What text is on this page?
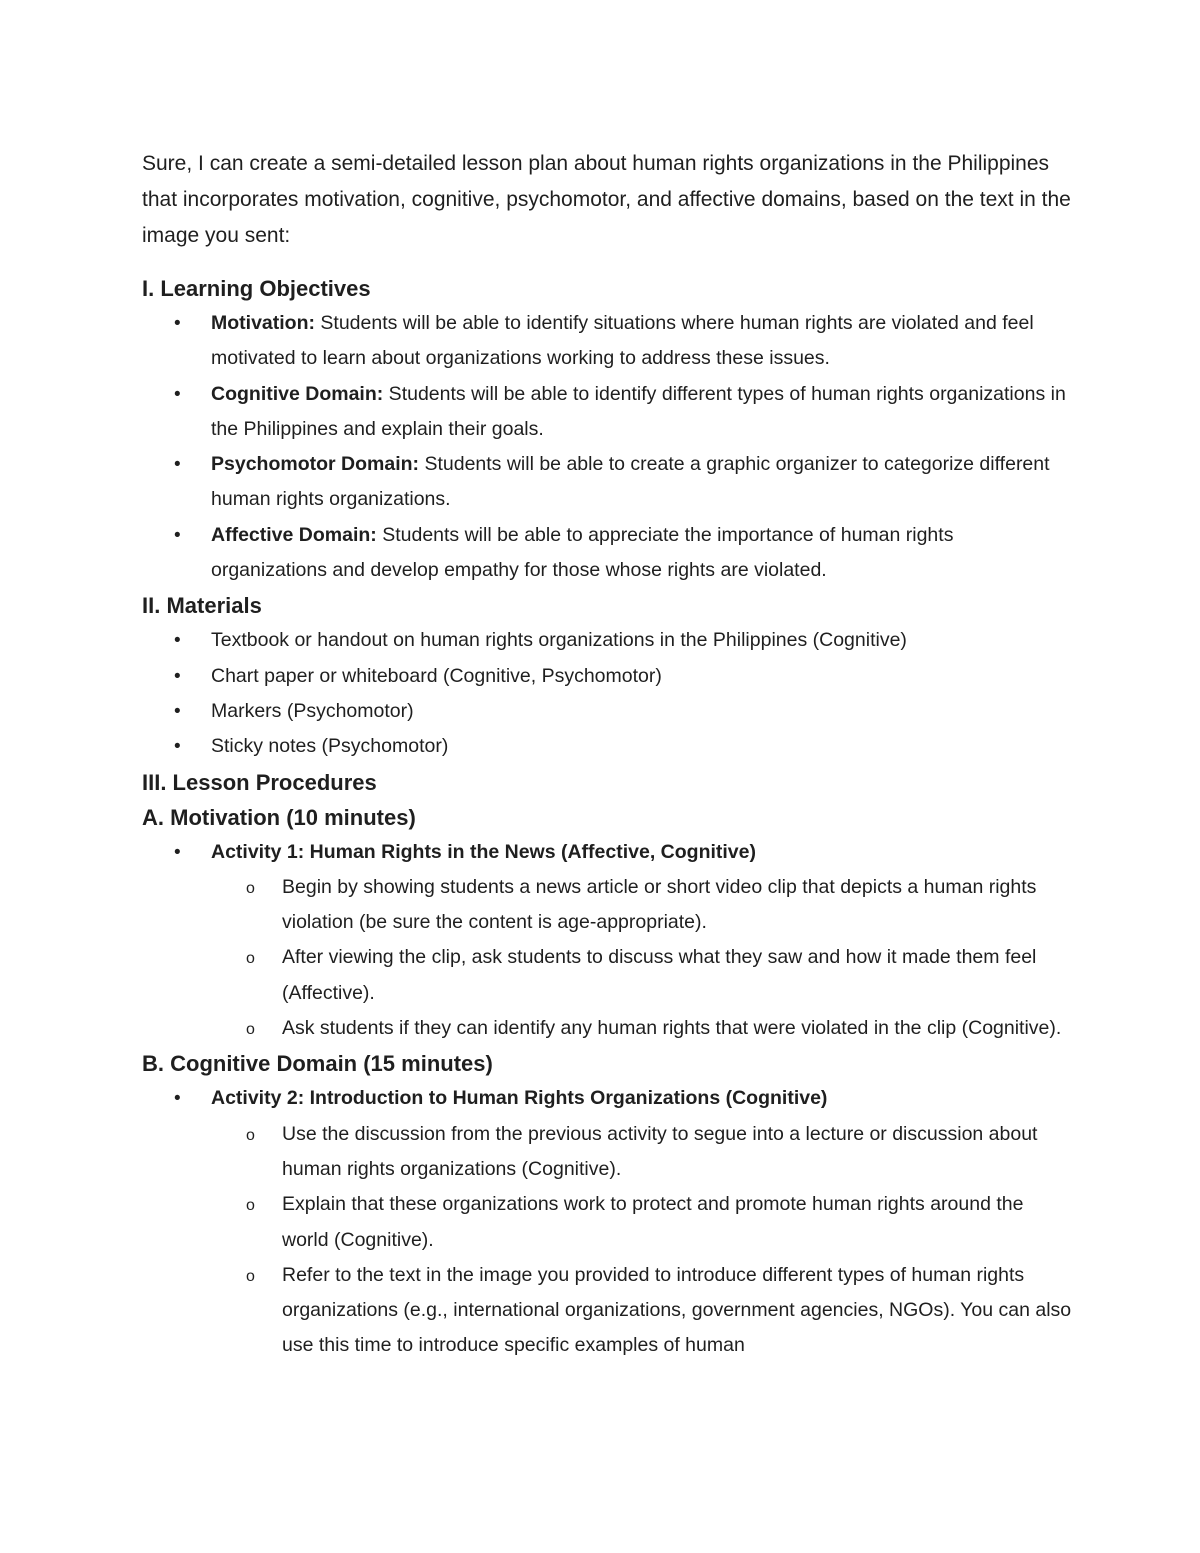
Sure, I can create a semi-detailed lesson plan about human rights organizations in the Philippines that incorporates motivation, cognitive, psychomotor, and affective domains, based on the text in the image you sent:

I. Learning Objectives
• Motivation: Students will be able to identify situations where human rights are violated and feel motivated to learn about organizations working to address these issues.
• Cognitive Domain: Students will be able to identify different types of human rights organizations in the Philippines and explain their goals.
• Psychomotor Domain: Students will be able to create a graphic organizer to categorize different human rights organizations.
• Affective Domain: Students will be able to appreciate the importance of human rights organizations and develop empathy for those whose rights are violated.
II. Materials
• Textbook or handout on human rights organizations in the Philippines (Cognitive)
• Chart paper or whiteboard (Cognitive, Psychomotor)
• Markers (Psychomotor)
• Sticky notes (Psychomotor)
III. Lesson Procedures
A. Motivation (10 minutes)
• Activity 1: Human Rights in the News (Affective, Cognitive)
o Begin by showing students a news article or short video clip that depicts a human rights violation (be sure the content is age-appropriate).
o After viewing the clip, ask students to discuss what they saw and how it made them feel (Affective).
o Ask students if they can identify any human rights that were violated in the clip (Cognitive).
B. Cognitive Domain (15 minutes)
• Activity 2: Introduction to Human Rights Organizations (Cognitive)
o Use the discussion from the previous activity to segue into a lecture or discussion about human rights organizations (Cognitive).
o Explain that these organizations work to protect and promote human rights around the world (Cognitive).
o Refer to the text in the image you provided to introduce different types of human rights organizations (e.g., international organizations, government agencies, NGOs). You can also use this time to introduce specific examples of human
